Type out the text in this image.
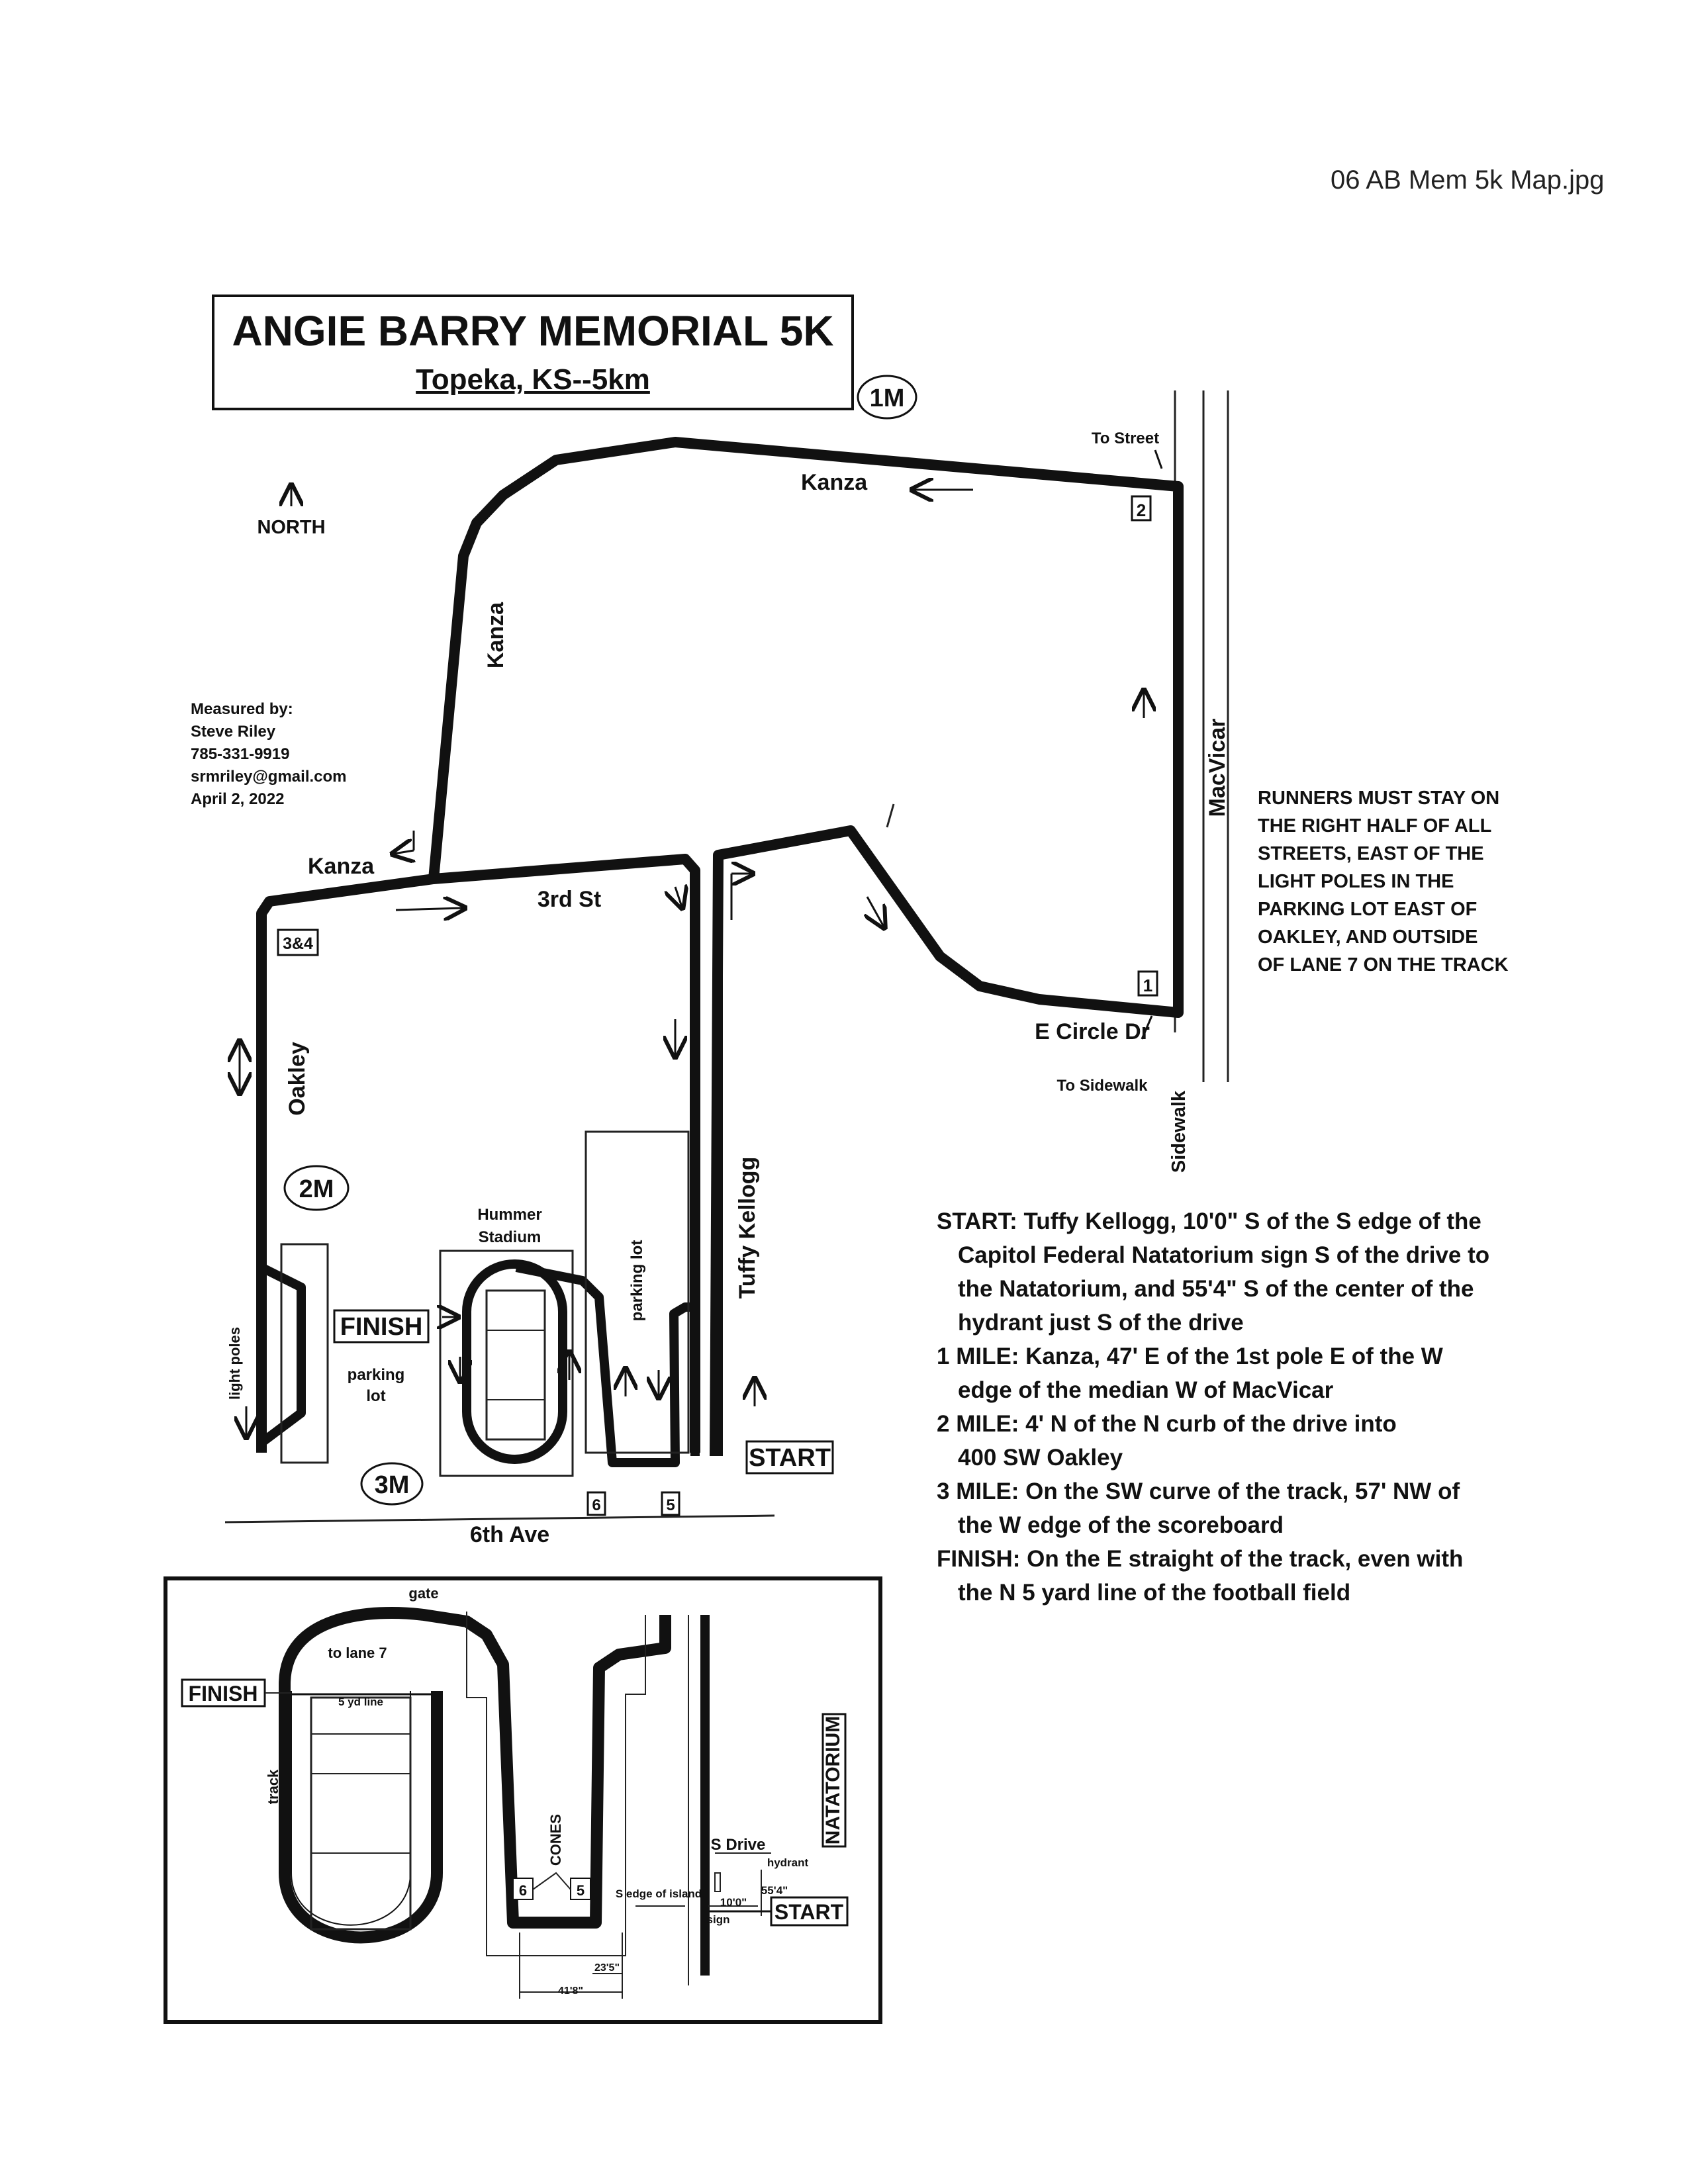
06 AB Mem 5k Map.jpg
ANGIE BARRY MEMORIAL 5K
Topeka, KS--5km
Measured by:
Steve Riley
785-331-9919
srmriley@gmail.com
April 2, 2022	RUNNERS MUST STAY ON
THE RIGHT HALF OF ALL
STREETS, EAST OF THE
LIGHT POLES IN THE
PARKING LOT EAST OF
OAKLEY, AND OUTSIDE
OF LANE 7 ON THE TRACK
START: Tuffy Kellogg, 10'0" S of the S edge of the
Capitol Federal Natatorium sign S of the drive to
the Natatorium, and 55'4" S of the center of the
hydrant just S of the drive
1 MILE: Kanza, 47' E of the 1st pole E of the W
edge of the median W of MacVicar
2 MILE: 4' N of the N curb of the drive into
400 SW Oakley
3 MILE: On the SW curve of the track, 57' NW of
the W edge of the scoreboard
FINISH: On the E straight of the track, even with
the N 5 yard line of the football field
NORTH
Kanza
Kanza
Kanza
3rd St
MacVicar
E Circle Dr
Oakley
Tuffy Kellogg
6th Ave
Sidewalk
To Street
To Sidewalk
Hummer
Stadium
parking lot
parking
lot
light poles
1M
2M
3M
FINISH
START
2
1
3&4
6	5
6	5
gate
to lane 7
5 yd line
track
CONES
S edge of island
S Drive
hydrant
55'4"
10'0"
sign
NATATORIUM
23'5"
41'8"
FINISH
START
